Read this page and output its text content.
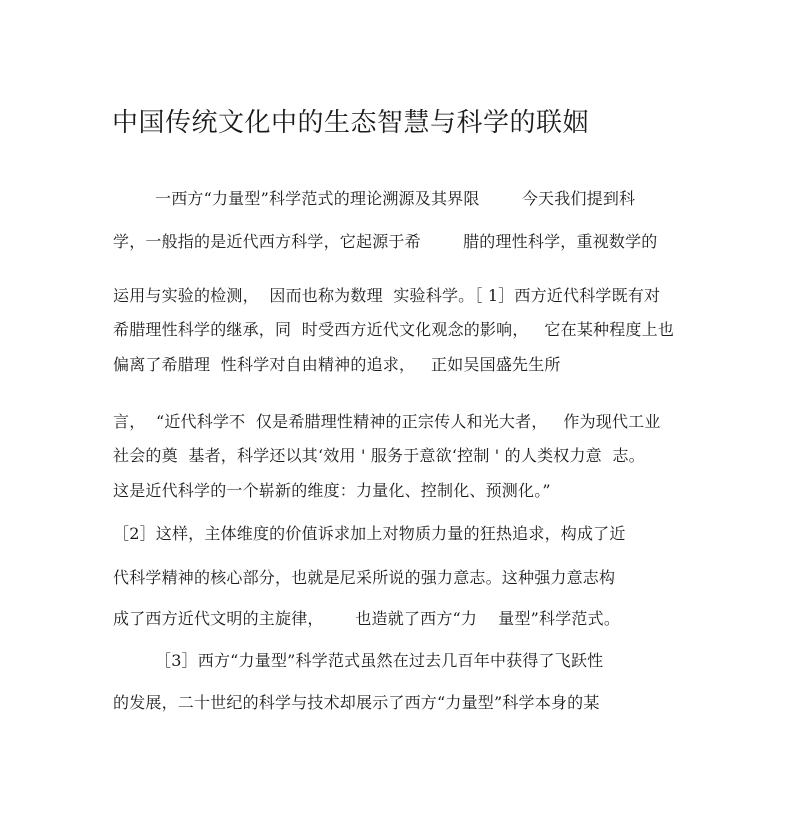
中国传统文化中的生态智慧与科学的联姻
一西方“力量型”科学范式的理论溯源及其界限        今天我们提到科
学，一般指的是近代西方科学，它起源于希        腊的理性科学，重视数学的
运用与实验的检测，  因而也称为数理  实验科学。［ 1］西方近代科学既有对
希腊理性科学的继承，同  时受西方近代文化观念的影响，   它在某种程度上也
偏离了希腊理  性科学对自由精神的追求，   正如吴国盛先生所
言，  “近代科学不  仅是希腊理性精神的正宗传人和光大者，   作为现代工业
社会的奠  基者，科学还以其‘效用 ' 服务于意欲‘控制 ' 的人类权力意  志。
这是近代科学的一个崭新的维度：力量化、控制化、预测化。”
［2］这样，主体维度的价值诉求加上对物质力量的狂热追求，构成了近
代科学精神的核心部分，也就是尼采所说的强力意志。这种强力意志构
成了西方近代文明的主旋律，      也造就了西方“力    量型”科学范式。
［3］西方“力量型”科学范式虽然在过去几百年中获得了飞跃性
的发展，二十世纪的科学与技术却展示了西方“力量型”科学本身的某
